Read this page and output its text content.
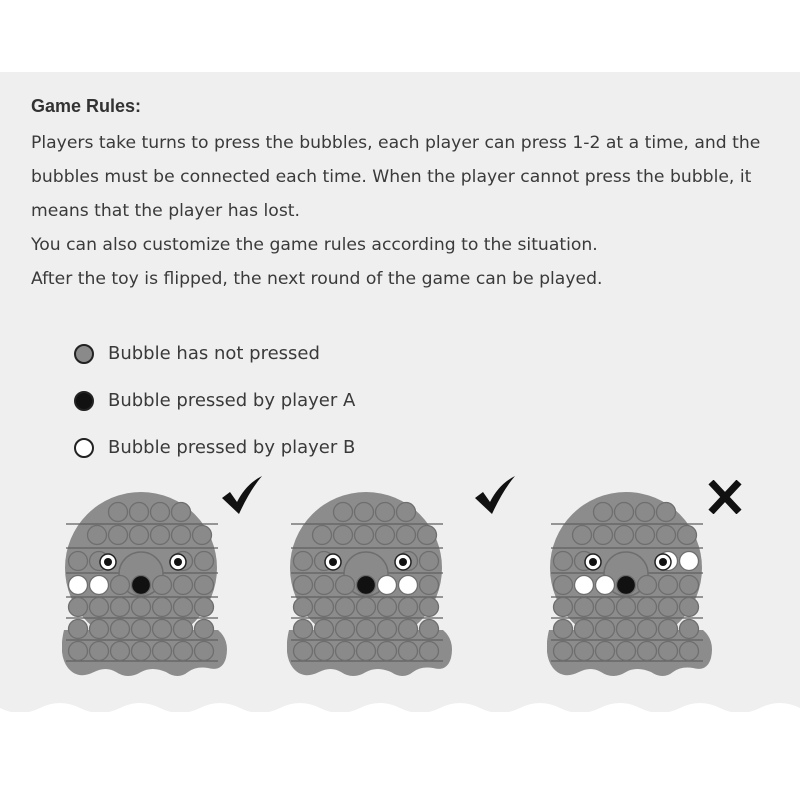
Game Rules:
Players take turns to press the bubbles, each player can press 1-2 at a time, and the
bubbles must be connected each time. When the player cannot press the bubble, it
means that the player has lost.
You can also customize the game rules according to the situation.
After the toy is flipped, the next round of the game can be played.
Bubble has not pressed
Bubble pressed by player A
Bubble pressed by player B
